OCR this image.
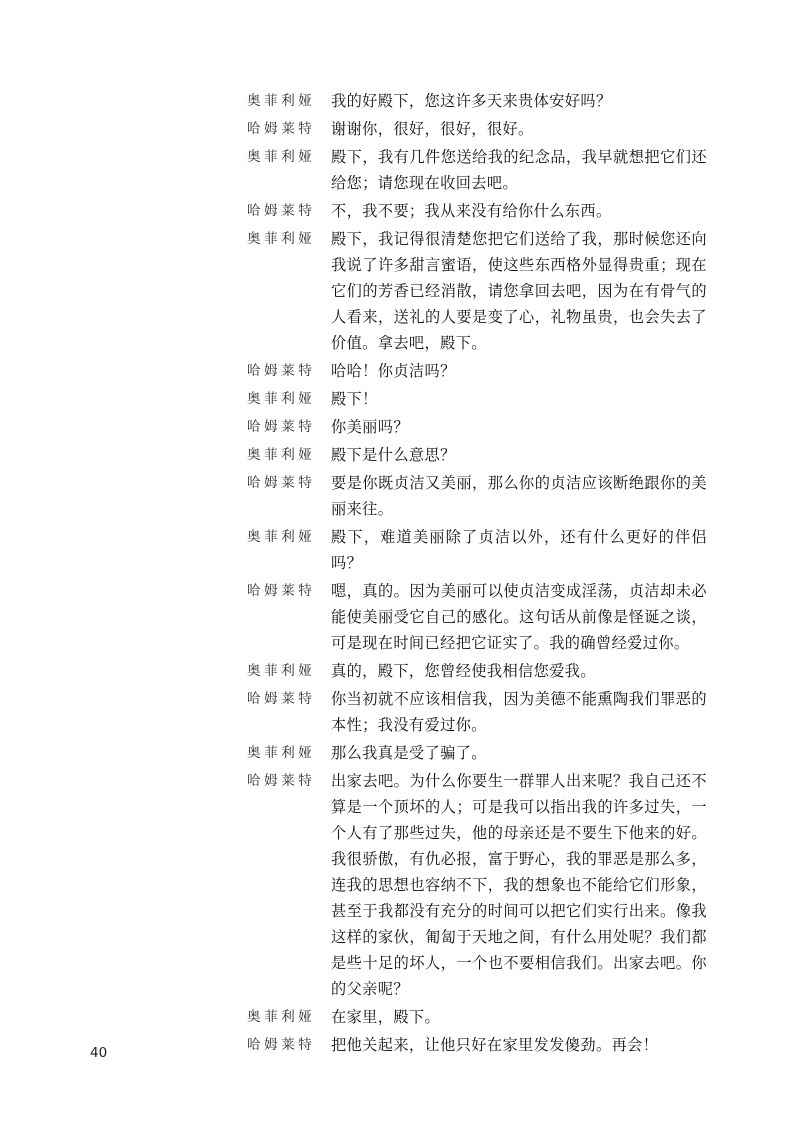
奥菲利娅	我的好殿下，您这许多天来贵体安好吗？
哈姆莱特	谢谢你，很好，很好，很好。
奥菲利娅	殿下，我有几件您送给我的纪念品，我早就想把它们还给您；请您现在收回去吧。
哈姆莱特	不，我不要；我从来没有给你什么东西。
奥菲利娅	殿下，我记得很清楚您把它们送给了我，那时候您还向我说了许多甜言蜜语，使这些东西格外显得贵重；现在它们的芳香已经消散，请您拿回去吧，因为在有骨气的人看来，送礼的人要是变了心，礼物虽贵，也会失去了价值。拿去吧，殿下。
哈姆莱特	哈哈！你贞洁吗？
奥菲利娅	殿下！
哈姆莱特	你美丽吗？
奥菲利娅	殿下是什么意思？
哈姆莱特	要是你既贞洁又美丽，那么你的贞洁应该断绝跟你的美丽来往。
奥菲利娅	殿下，难道美丽除了贞洁以外，还有什么更好的伴侣吗？
哈姆莱特	嗯，真的。因为美丽可以使贞洁变成淫荡，贞洁却未必能使美丽受它自己的感化。这句话从前像是怪诞之谈，可是现在时间已经把它证实了。我的确曾经爱过你。
奥菲利娅	真的，殿下，您曾经使我相信您爱我。
哈姆莱特	你当初就不应该相信我，因为美德不能熏陶我们罪恶的本性；我没有爱过你。
奥菲利娅	那么我真是受了骗了。
哈姆莱特	出家去吧。为什么你要生一群罪人出来呢？我自己还不算是一个顶坏的人；可是我可以指出我的许多过失，一个人有了那些过失，他的母亲还是不要生下他来的好。我很骄傲，有仇必报，富于野心，我的罪恶是那么多，连我的思想也容纳不下，我的想象也不能给它们形象，甚至于我都没有充分的时间可以把它们实行出来。像我这样的家伙，匍匐于天地之间，有什么用处呢？我们都是些十足的坏人，一个也不要相信我们。出家去吧。你的父亲呢？
奥菲利娅	在家里，殿下。
哈姆莱特	把他关起来，让他只好在家里发发傻劲。再会！
40
